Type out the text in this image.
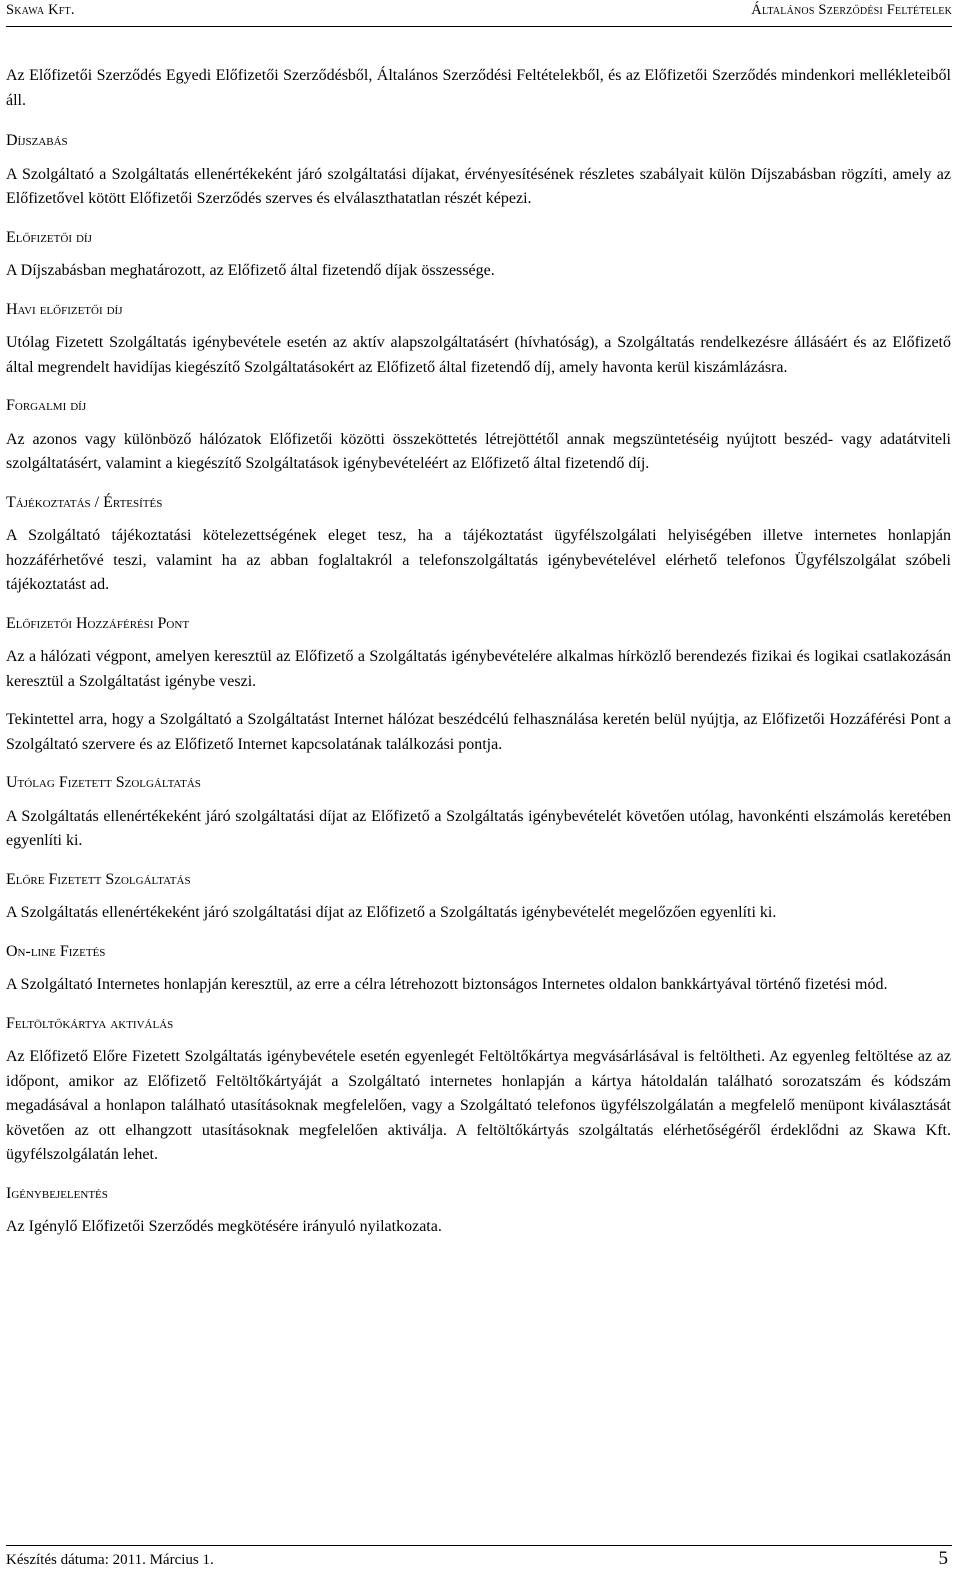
Skawa Kft.	Általános Szerződési Feltételek

Az Előfizetői Szerződés Egyedi Előfizetői Szerződésből, Általános Szerződési Feltételekből, és az Előfizetői Szerződés mindenkori mellékleteiből áll.

Díjszabás

A Szolgáltató a Szolgáltatás ellenértékeként járó szolgáltatási díjakat, érvényesítésének részletes szabályait külön Díjszabásban rögzíti, amely az Előfizetővel kötött Előfizetői Szerződés szerves és elválaszthatatlan részét képezi.

Előfizetői díj

A Díjszabásban meghatározott, az Előfizető által fizetendő díjak összessége.

Havi előfizetői díj

Utólag Fizetett Szolgáltatás igénybevétele esetén az aktív alapszolgáltatásért (hívhatóság), a Szolgáltatás rendelkezésre állásáért és az Előfizető által megrendelt havidíjas kiegészítő Szolgáltatásokért az Előfizető által fizetendő díj, amely havonta kerül kiszámlázásra.

Forgalmi díj

Az azonos vagy különböző hálózatok Előfizetői közötti összeköttetés létrejöttétől annak megszüntetéséig nyújtott beszéd- vagy adatátviteli szolgáltatásért, valamint a kiegészítő Szolgáltatások igénybevételéért az Előfizető által fizetendő díj.

Tájékoztatás / Értesítés

A Szolgáltató tájékoztatási kötelezettségének eleget tesz, ha a tájékoztatást ügyfélszolgálati helyiségében illetve internetes honlapján hozzáférhetővé teszi, valamint ha az abban foglaltakról a telefonszolgáltatás igénybevételével elérhető telefonos Ügyfélszolgálat szóbeli tájékoztatást ad.

Előfizetői Hozzáférési Pont

Az a hálózati végpont, amelyen keresztül az Előfizető a Szolgáltatás igénybevételére alkalmas hírközlő berendezés fizikai és logikai csatlakozásán keresztül a Szolgáltatást igénybe veszi.

Tekintettel arra, hogy a Szolgáltató a Szolgáltatást Internet hálózat beszédcélú felhasználása keretén belül nyújtja, az Előfizetői Hozzáférési Pont a Szolgáltató szervere és az Előfizető Internet kapcsolatának találkozási pontja.

Utólag Fizetett Szolgáltatás

A Szolgáltatás ellenértékeként járó szolgáltatási díjat az Előfizető a Szolgáltatás igénybevételét követően utólag, havonkénti elszámolás keretében egyenlíti ki.

Előre Fizetett Szolgáltatás

A Szolgáltatás ellenértékeként járó szolgáltatási díjat az Előfizető a Szolgáltatás igénybevételét megelőzően egyenlíti ki.

On-line Fizetés

A Szolgáltató Internetes honlapján keresztül, az erre a célra létrehozott biztonságos Internetes oldalon bankkártyával történő fizetési mód.

Feltöltőkártya aktiválás

Az Előfizető Előre Fizetett Szolgáltatás igénybevétele esetén egyenlegét Feltöltőkártya megvásárlásával is feltöltheti. Az egyenleg feltöltése az az időpont, amikor az Előfizető Feltöltőkártyáját a Szolgáltató internetes honlapján a kártya hátoldalán található sorozatszám és kódszám megadásával a honlapon található utasításoknak megfelelően, vagy a Szolgáltató telefonos ügyfélszolgálatán a megfelelő menüpont kiválasztását követően az ott elhangzott utasításoknak megfelelően aktiválja. A feltöltőkártyás szolgáltatás elérhetőségéről érdeklődni az Skawa Kft. ügyfélszolgálatán lehet.

Igénybejelentés

Az Igénylő Előfizetői Szerződés megkötésére irányuló nyilatkozata.

Készítés dátuma: 2011. Március 1.	5
